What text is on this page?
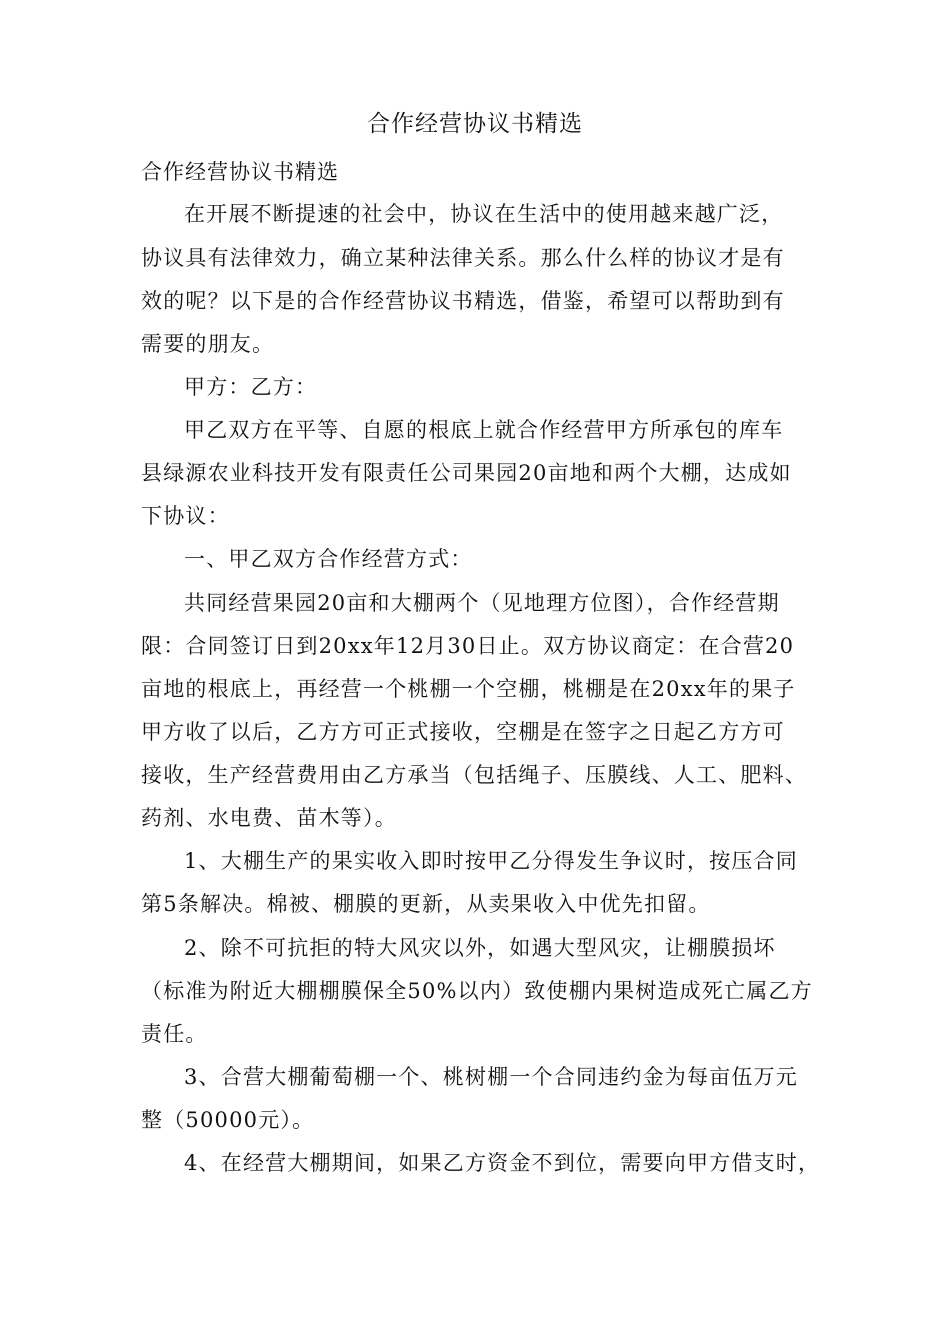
合作经营协议书精选
合作经营协议书精选
在开展不断提速的社会中，协议在生活中的使用越来越广泛，
协议具有法律效力，确立某种法律关系。那么什么样的协议才是有
效的呢？以下是的合作经营协议书精选，借鉴，希望可以帮助到有
需要的朋友。
甲方：乙方：
甲乙双方在平等、自愿的根底上就合作经营甲方所承包的库车
县绿源农业科技开发有限责任公司果园20亩地和两个大棚，达成如
下协议：
一、甲乙双方合作经营方式：
共同经营果园20亩和大棚两个（见地理方位图），合作经营期
限：合同签订日到20xx年12月30日止。双方协议商定：在合营20
亩地的根底上，再经营一个桃棚一个空棚，桃棚是在20xx年的果子
甲方收了以后，乙方方可正式接收，空棚是在签字之日起乙方方可
接收，生产经营费用由乙方承当（包括绳子、压膜线、人工、肥料、
药剂、水电费、苗木等）。
1、大棚生产的果实收入即时按甲乙分得发生争议时，按压合同
第5条解决。棉被、棚膜的更新，从卖果收入中优先扣留。
2、除不可抗拒的特大风灾以外，如遇大型风灾，让棚膜损坏
（标准为附近大棚棚膜保全50%以内）致使棚内果树造成死亡属乙方
责任。
3、合营大棚葡萄棚一个、桃树棚一个合同违约金为每亩伍万元
整（50000元）。
4、在经营大棚期间，如果乙方资金不到位，需要向甲方借支时，
